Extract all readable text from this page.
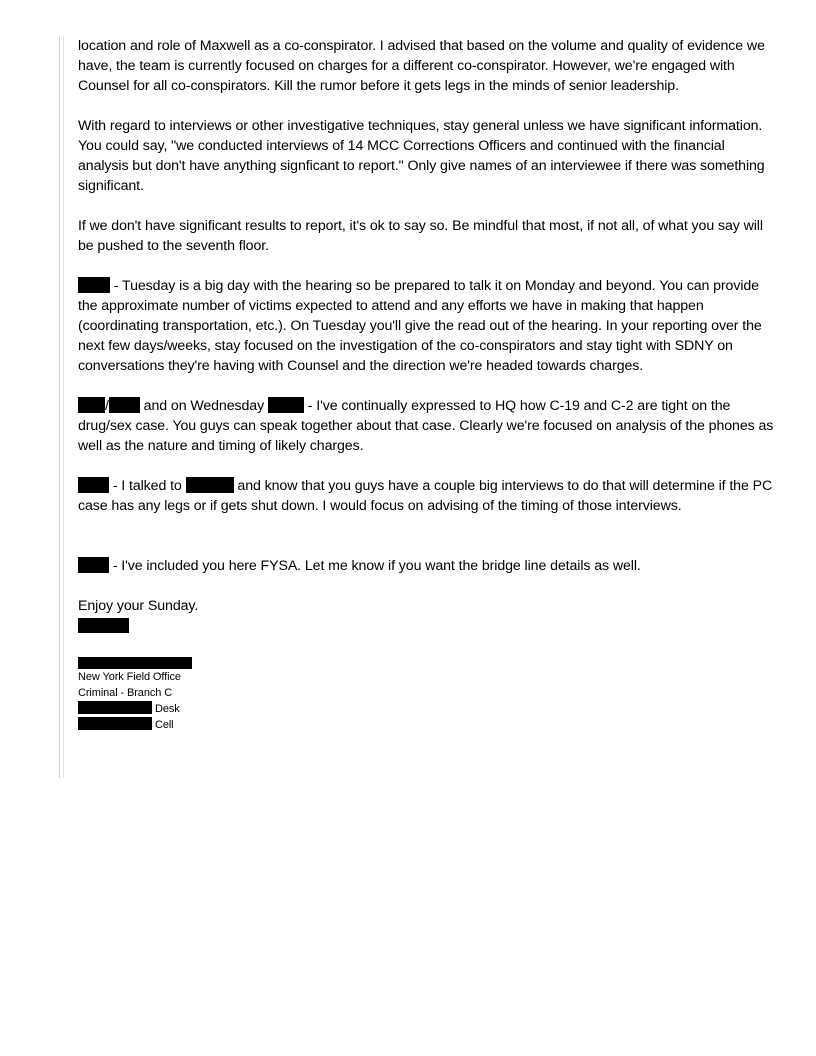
location and role of Maxwell as a co-conspirator. I advised that based on the volume and quality of evidence we have, the team is currently focused on charges for a different co-conspirator. However, we're engaged with Counsel for all co-conspirators. Kill the rumor before it gets legs in the minds of senior leadership.

With regard to interviews or other investigative techniques, stay general unless we have significant information. You could say, "we conducted interviews of 14 MCC Corrections Officers and continued with the financial analysis but don't have anything signficant to report." Only give names of an interviewee if there was something significant.

If we don't have significant results to report, it's ok to say so. Be mindful that most, if not all, of what you say will be pushed to the seventh floor.

- Tuesday is a big day with the hearing so be prepared to talk it on Monday and beyond. You can provide the approximate number of victims expected to attend and any efforts we have in making that happen (coordinating transportation, etc.). On Tuesday you'll give the read out of the hearing. In your reporting over the next few days/weeks, stay focused on the investigation of the co-conspirators and stay tight with SDNY on conversations they're having with Counsel and the direction we're headed towards charges.

/ and on Wednesday	- I've continually expressed to HQ how C-19 and C-2 are tight on the drug/sex case. You guys can speak together about that case. Clearly we're focused on analysis of the phones as well as the nature and timing of likely charges.

- I talked to	and know that you guys have a couple big interviews to do that will determine if the PC case has any legs or if gets shut down. I would focus on advising of the timing of those interviews.

- I've included you here FYSA. Let me know if you want the bridge line details as well.

Enjoy your Sunday.
New York Field Office
Criminal - Branch C
Desk
Cell
